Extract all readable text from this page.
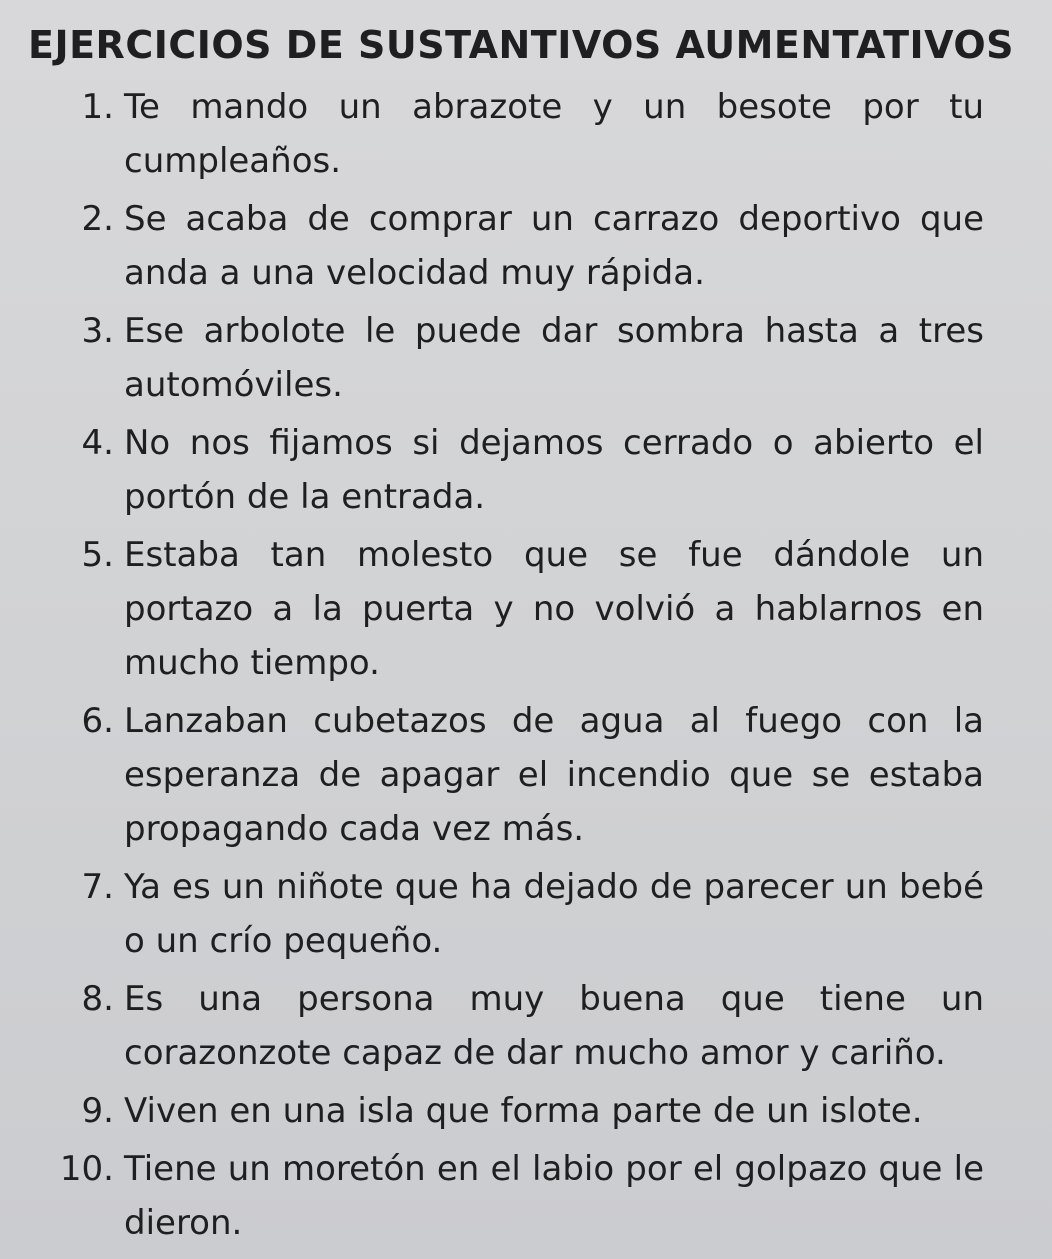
EJERCICIOS DE SUSTANTIVOS AUMENTATIVOS
1. Te mando un abrazote y un besote por tu cumpleaños.
2. Se acaba de comprar un carrazo deportivo que anda a una velocidad muy rápida.
3. Ese arbolote le puede dar sombra hasta a tres automóviles.
4. No nos fijamos si dejamos cerrado o abierto el portón de la entrada.
5. Estaba tan molesto que se fue dándole un portazo a la puerta y no volvió a hablarnos en mucho tiempo.
6. Lanzaban cubetazos de agua al fuego con la esperanza de apagar el incendio que se estaba propagando cada vez más.
7. Ya es un niñote que ha dejado de parecer un bebé o un crío pequeño.
8. Es una persona muy buena que tiene un corazonzote capaz de dar mucho amor y cariño.
9. Viven en una isla que forma parte de un islote.
10. Tiene un moretón en el labio por el golpazo que le dieron.
